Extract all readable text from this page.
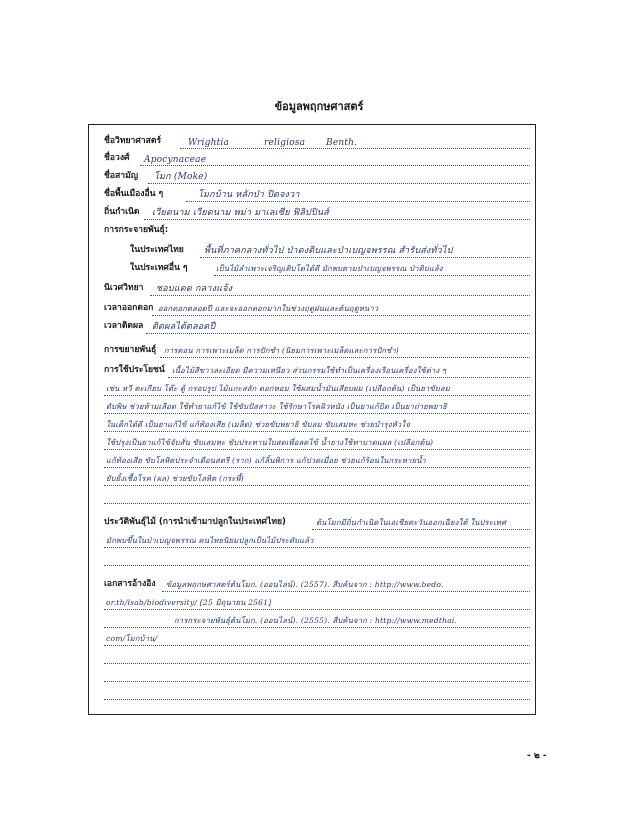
ข้อมูลพฤกษศาสตร์
ชื่อวิทยาศาสตร์	Wrightia	religiosa Benth.
ชื่อวงศ์ Apocynaceae
ชื่อสามัญ โมก (Moke)
ชื่อพื้นเมืองอื่น ๆ	โมกบ้าน หลักป่า ปิดจงวา
ถิ่นกำเนิด เวียดนาม เวียดนาม พม่า มาเลเซีย ฟิลิปปินส์
การกระจายพันธุ์:
ในประเทศไทย พื้นที่ภาคกลางทั่วไป ป่าดงดิบและป่าเบญจพรรณ สำรับส่งทั่วไป
ในประเทศอื่น ๆ	เป็นไม้ลำเพาะเจริญเติบโตได้ดี มักพบตามป่าเบญจพรรณ ป่าดิบแล้ง
นิเวศวิทยา ชอบแดด กลางแจ้ง
เวลาออกดอก ออกดอกตลอดปี และจะออกดอกมากในช่วงฤดูฝนและต้นฤดูหนาว
เวลาติดผล ติดผลได้ตลอดปี
การขยายพันธุ์ การตอน การเพาะเมล็ด การปักชำ (นิยมการเพาะเมล็ดและการปักชำ)
การใช้ประโยชน์ เนื้อไม้สีขาวละเอียด มีความเหนียว ส่วนกรรมใช้ทำเป็นเครื่องเรือนเครื่องใช้ต่าง ๆ
เช่น หวี ตะเกียบ โต๊ะ ตู้ กรอบรูป ไม้แกะสลัก ดอกหอม ใช้ผสมน้ำมันเสียบผม (เปลือกต้น) เป็นยาขับลม
ดับพิษ ช่วยห้ามเลือด ใช้ทำยาแก้ไข้ ใช้ขับปัสสาวะ ใช้รักษาโรคผิวหนัง เป็นยาแก้บิด เป็นยาถ่ายพยาธิ
ในเด็กได้ดี เป็นยาแก้ไข้ แก้ท้องเสีย (เมล็ด) ช่วยขับพยาธิ ขับลม ขับเสมหะ ช่วยบำรุงหัวใจ
ใช้ปรุงเป็นยาแก้ไข้จับสั่น ขับเสมหะ ขับประทานใบสดเพื่อลดไข้ น้ำยางใช้ทาบาดแผล (เปลือกต้น)
แก้ท้องเสีย ขับโลหิตประจำเดือนสตรี (ราก) แก้ลิ้นพิการ แก้ปวดเมื่อย ช่วยแก้ร้อนในกระหายน้ำ
ยับยั้งเชื้อโรค (ผล) ช่วยขับโลหิต (กระพี้)
ประวัติพันธุ์ไม้ (การนำเข้ามาปลูกในประเทศไทย)	ต้นโมกมีถิ่นกำเนิดในเอเชียตะวันออกเฉียงใต้ ในประเทศ
มักพบขึ้นในป่าเบญจพรรณ คนไทยนิยมปลูกเป็นไม้ประดับแล้ว
เอกสารอ้างอิง ข้อมูลพฤกษศาสตร์ต้นโมก. (ออนไลน์). (2557). สืบค้นจาก : http://www.bedo.
or.th/lsab/biodiversity/ [25 มิถุนายน 2561]
การกระจายพันธุ์ต้นโมก. (ออนไลน์). (2555). สืบค้นจาก : http://www.medthai.
com/โมกบ้าน/
- ๒ -
